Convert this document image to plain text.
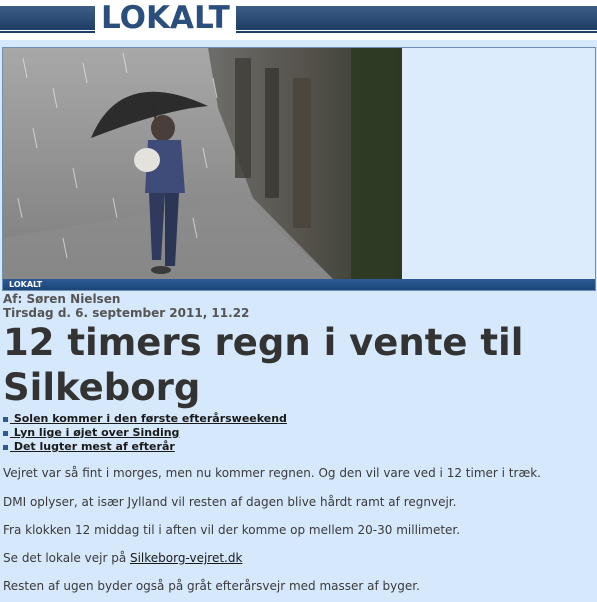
LOKALT
LOKALT
Af: Søren Nielsen
Tirsdag d. 6. september 2011, 11.22
12 timers regn i vente til Silkeborg
Solen kommer i den første efterårsweekend
Lyn lige i øjet over Sinding
Det lugter mest af efterår

Vejret var så fint i morges, men nu kommer regnen. Og den vil vare ved i 12 timer i træk.

DMI oplyser, at især Jylland vil resten af dagen blive hårdt ramt af regnvejr.

Fra klokken 12 middag til i aften vil der komme op mellem 20-30 millimeter.

Se det lokale vejr på Silkeborg-vejret.dk

Resten af ugen byder også på gråt efterårsvejr med masser af byger.
